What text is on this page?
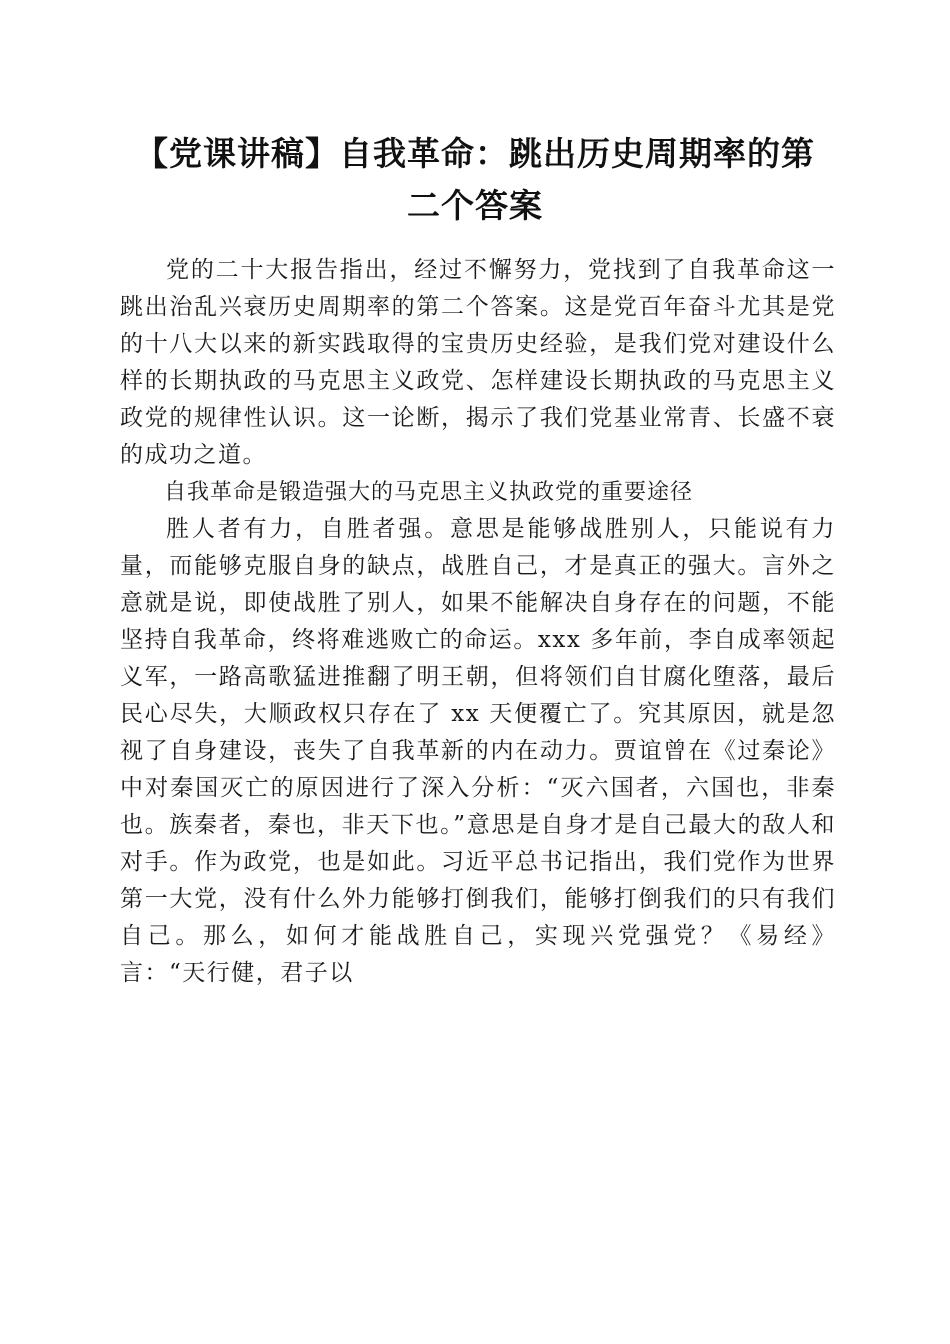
【党课讲稿】自我革命：跳出历史周期率的第
二个答案

党的二十大报告指出，经过不懈努力，党找到了自我革命这一跳出治乱兴衰历史周期率的第二个答案。这是党百年奋斗尤其是党的十八大以来的新实践取得的宝贵历史经验，是我们党对建设什么样的长期执政的马克思主义政党、怎样建设长期执政的马克思主义政党的规律性认识。这一论断，揭示了我们党基业常青、长盛不衰的成功之道。

自我革命是锻造强大的马克思主义执政党的重要途径

胜人者有力，自胜者强。意思是能够战胜别人，只能说有力量，而能够克服自身的缺点，战胜自己，才是真正的强大。言外之意就是说，即使战胜了别人，如果不能解决自身存在的问题，不能坚持自我革命，终将难逃败亡的命运。xxx 多年前，李自成率领起义军，一路高歌猛进推翻了明王朝，但将领们自甘腐化堕落，最后民心尽失，大顺政权只存在了 xx 天便覆亡了。究其原因，就是忽视了自身建设，丧失了自我革新的内在动力。贾谊曾在《过秦论》中对秦国灭亡的原因进行了深入分析：“灭六国者，六国也，非秦也。族秦者，秦也，非天下也。”意思是自身才是自己最大的敌人和对手。作为政党，也是如此。习近平总书记指出，我们党作为世界第一大党，没有什么外力能够打倒我们，能够打倒我们的只有我们自己。那么，如何才能战胜自己，实现兴党强党？《易经》言：“天行健，君子以
